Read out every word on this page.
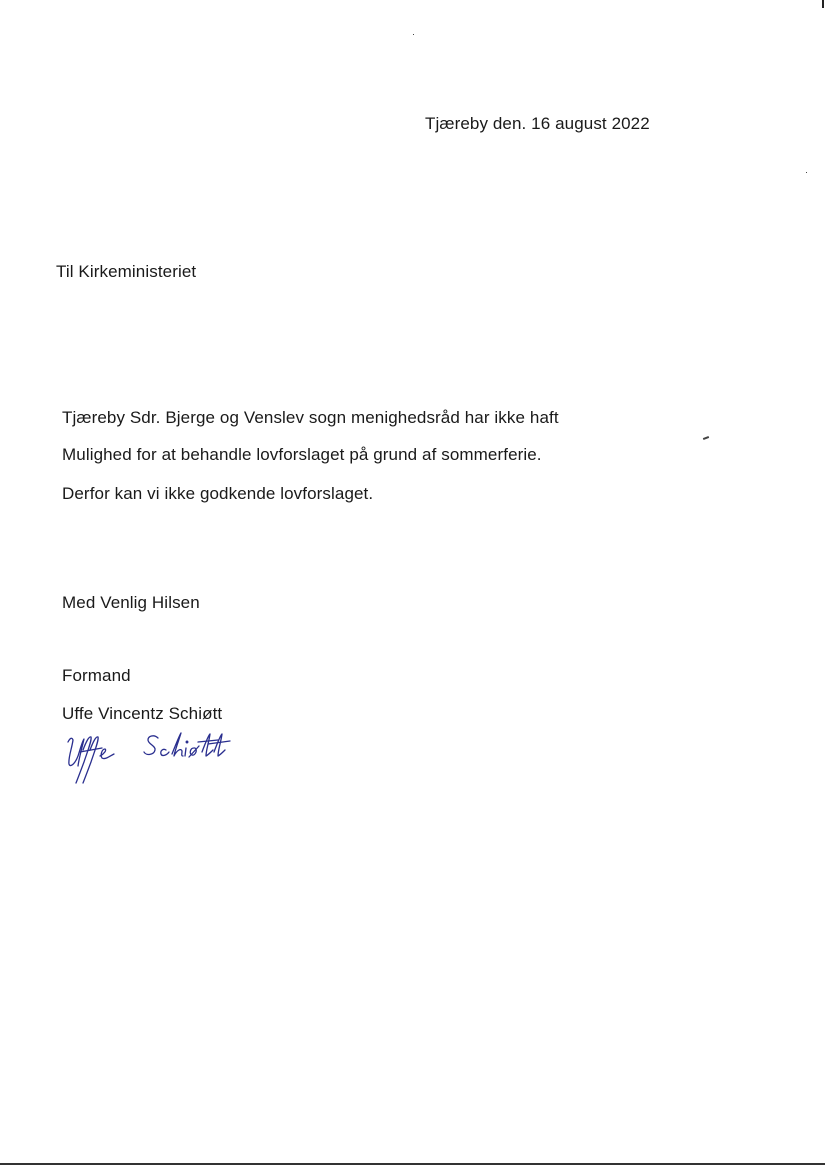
Tjæreby den. 16 august 2022
Til Kirkeministeriet
Tjæreby Sdr. Bjerge og Venslev sogn menighedsråd har ikke haft
Mulighed for at behandle lovforslaget på grund af sommerferie.
Derfor kan vi ikke godkende lovforslaget.
Med Venlig Hilsen
Formand
Uffe Vincentz Schiøtt
